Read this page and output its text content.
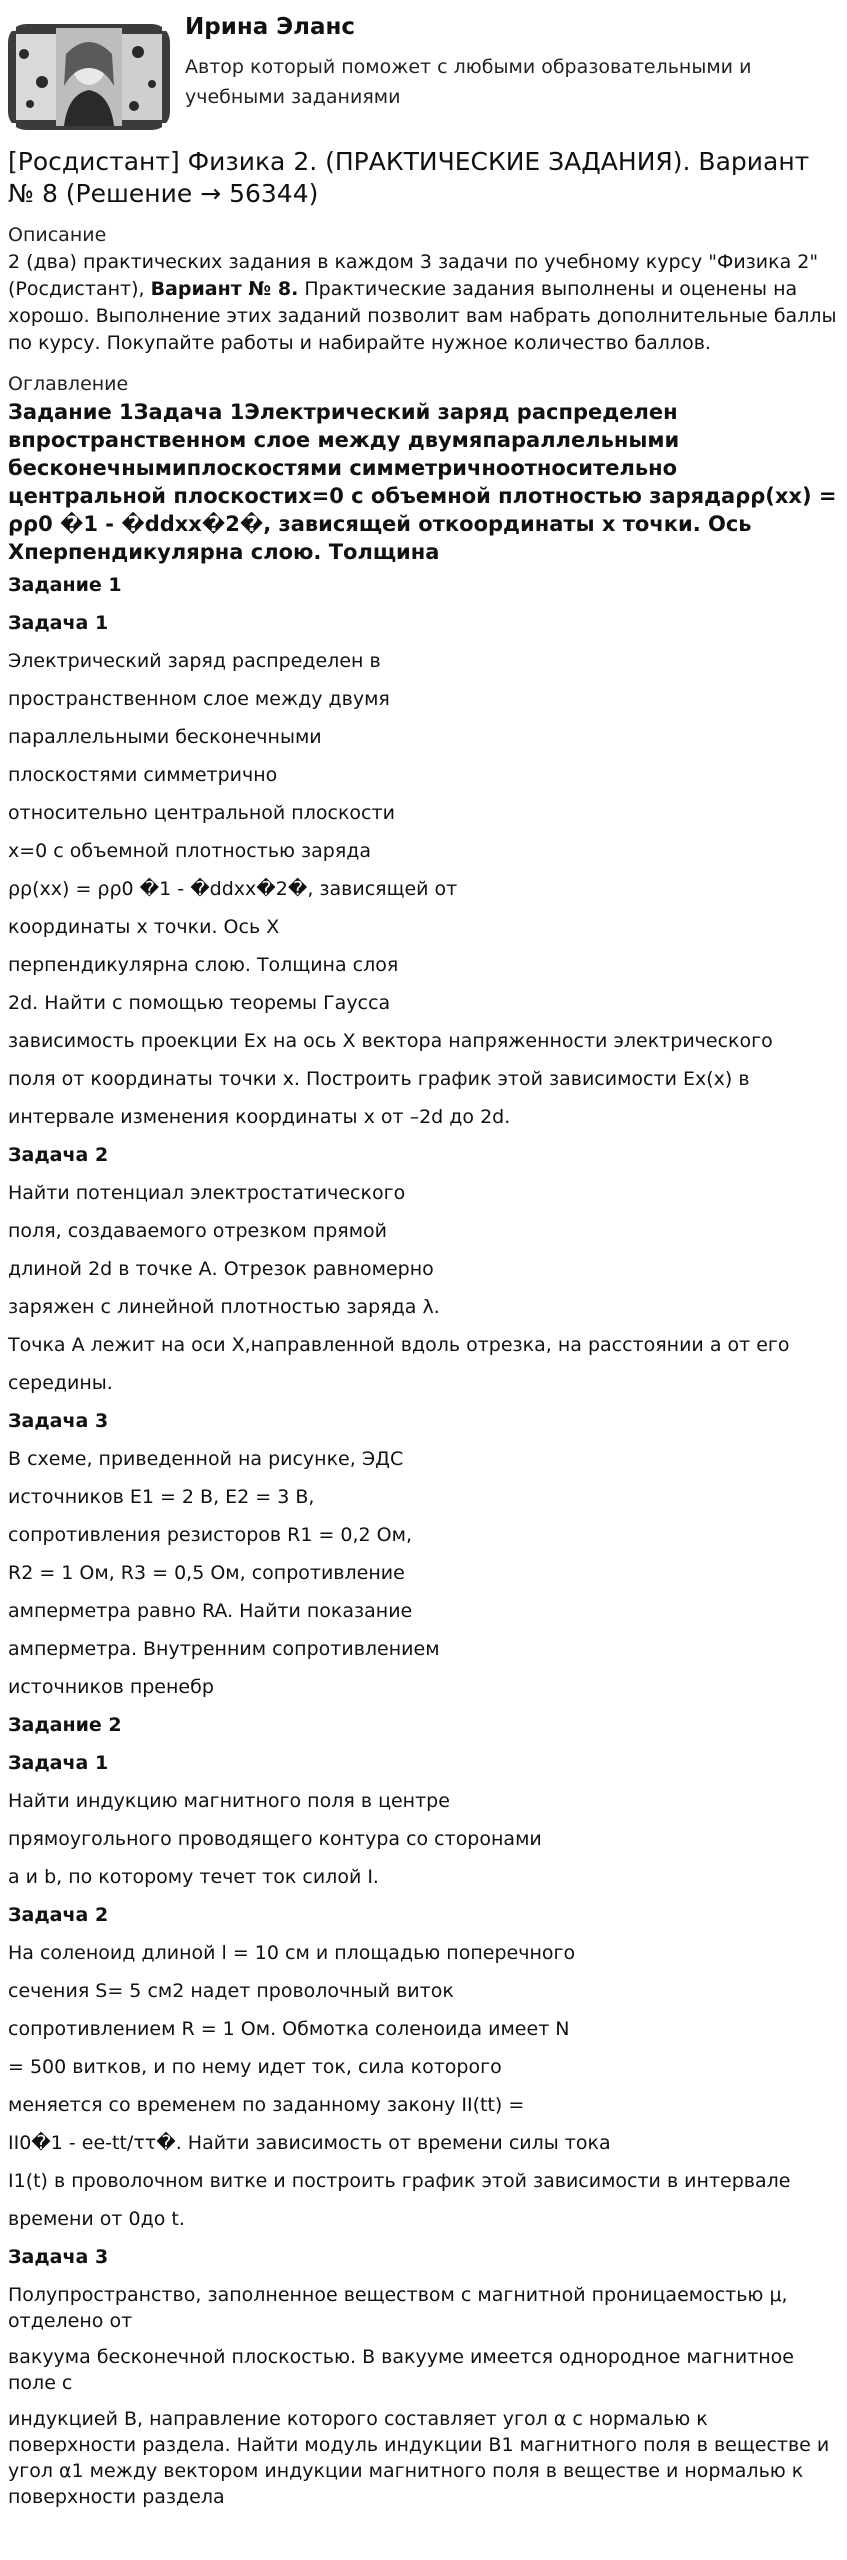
Ирина Эланс
Автор который поможет с любыми образовательными и учебными заданиями
[Росдистант] Физика 2. (ПРАКТИЧЕСКИЕ ЗАДАНИЯ). Вариант № 8 (Решение → 56344)
Описание

2 (два) практических задания в каждом 3 задачи по учебному курсу "Физика 2" (Росдистант), Вариант № 8. Практические задания выполнены и оценены на хорошо. Выполнение этих заданий позволит вам набрать дополнительные баллы по курсу. Покупайте работы и набирайте нужное количество баллов.

Оглавление
Задание 1Задача 1Электрический заряд распределен впространственном слое между двумяпараллельными бесконечнымиплоскостями симметричноотносительно центральной плоскостиx=0 с объемной плотностью зарядаρρ(xx) = ρρ0 �1 - �ddxx�2�, зависящей откоординаты x точки. Ось Xперпендикулярна слою. Толщина
Задание 1
Задача 1
Электрический заряд распределен в
пространственном слое между двумя
параллельными бесконечными
плоскостями симметрично
относительно центральной плоскости
x=0 с объемной плотностью заряда
ρρ(xx) = ρρ0 �1 - �ddxx�2�, зависящей от
координаты x точки. Ось X
перпендикулярна слою. Толщина слоя
2d. Найти с помощью теоремы Гаусса
зависимость проекции Ex на ось X вектора напряженности электрического
поля от координаты точки x. Построить график этой зависимости Ex(x) в
интервале изменения координаты x от –2d до 2d.
Задача 2
Найти потенциал электростатического
поля, создаваемого отрезком прямой
длиной 2d в точке А. Отрезок равномерно
заряжен с линейной плотностью заряда λ.
Точка А лежит на оси X,направленной вдоль отрезка, на расстоянии a от его
середины.
Задача 3
В схеме, приведенной на рисунке, ЭДС
источников E1 = 2 В, E2 = 3 В,
сопротивления резисторов R1 = 0,2 Ом,
R2 = 1 Ом, R3 = 0,5 Ом, сопротивление
амперметра равно RA. Найти показание
амперметра. Внутренним сопротивлением
источников пренебр
Задание 2
Задача 1
Найти индукцию магнитного поля в центре
прямоугольного проводящего контура со сторонами
a и b, по которому течет ток силой I.
Задача 2
На соленоид длиной l = 10 см и площадью поперечного
сечения S= 5 см2 надет проволочный виток
сопротивлением R = 1 Ом. Обмотка соленоида имеет N
= 500 витков, и по нему идет ток, сила которого
меняется со временем по заданному закону II(tt) =
II0�1 - ee-tt/ττ�. Найти зависимость от времени силы тока
I1(t) в проволочном витке и построить график этой зависимости в интервале
времени от 0до t.
Задача 3
Полупространство, заполненное веществом с магнитной проницаемостью μ, отделено от
вакуума бесконечной плоскостью. В вакууме имеется однородное магнитное поле с
индукцией B, направление которого составляет угол α с нормалью к поверхности раздела. Найти модуль индукции B1 магнитного поля в веществе и угол α1 между вектором индукции магнитного поля в веществе и нормалью к поверхности раздела
